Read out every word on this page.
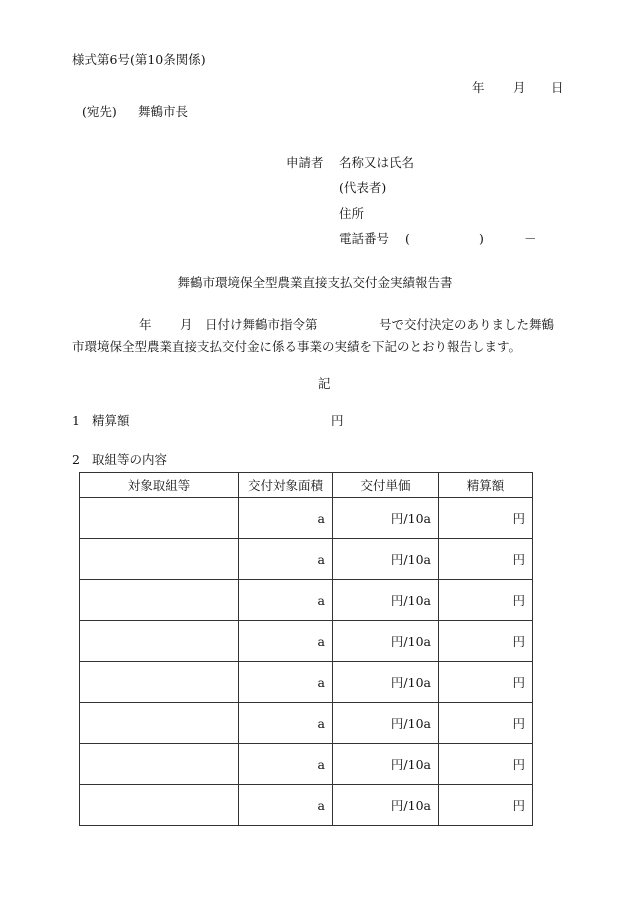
様式第6号(第10条関係)
年 月 日
(宛先) 舞鶴市長
申請者 名称又は氏名
(代表者)
住所
電話番号 (	)	－
舞鶴市環境保全型農業直接支払交付金実績報告書
年 月 日付け舞鶴市指令第	号で交付決定のありました舞鶴
市環境保全型農業直接支払交付金に係る事業の実績を下記のとおり報告します。
記
1 精算額	円
2 取組等の内容
対象取組等	交付対象面積	交付単価	精算額
	a	円/10a	円
	a	円/10a	円
	a	円/10a	円
	a	円/10a	円
	a	円/10a	円
	a	円/10a	円
	a	円/10a	円
	a	円/10a	円
